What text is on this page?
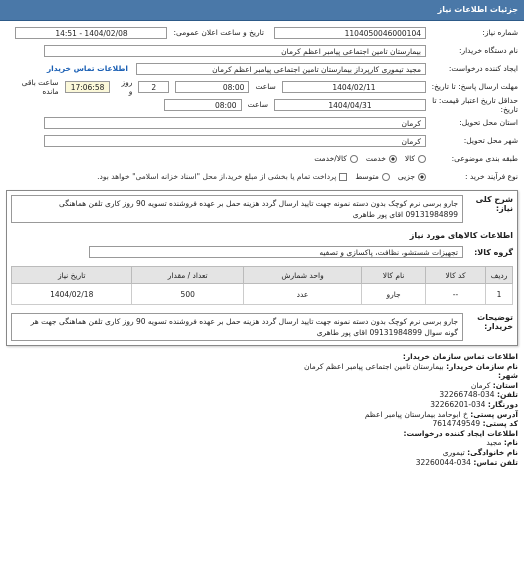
جزئیات اطلاعات نیاز
شماره نیاز:
1104050046000104
تاریخ و ساعت اعلان عمومی:
1404/02/08 - 14:51
نام دستگاه خریدار:
بیمارستان تامین اجتماعی پیامبر اعظم کرمان
ایجاد کننده درخواست:
مجید تیموری کارپرداز بیمارستان تامین اجتماعی پیامبر اعظم کرمان
اطلاعات تماس خریدار
مهلت ارسال پاسخ: تا تاریخ:
1404/02/11
ساعت
08:00
2
روز و
17:06:58
ساعت باقی مانده
حداقل تاریخ اعتبار قیمت: تا تاریخ:
1404/04/31
ساعت
08:00
استان محل تحویل:
کرمان
شهر محل تحویل:
کرمان
طبقه بندی موضوعی:
کالا
خدمت
کالا/خدمت
نوع فرآیند خرید :
جزیی
متوسط
پرداخت تمام یا بخشی از مبلغ خرید،از محل "اسناد خزانه اسلامی" خواهد بود.
شرح کلی نیاز:
جارو برسی نرم کوچک بدون دسته نمونه جهت تایید ارسال گردد هزینه حمل بر عهده فروشنده تسویه 90 روز کاری تلفن هماهنگی 09131984899 اقای پور طاهری
اطلاعات کالاهای مورد نیاز
گروه کالا:
تجهیزات شستشو، نظافت، پاکسازی و تصفیه
ردیف	کد کالا	نام کالا	واحد شمارش	تعداد / مقدار	تاریخ نیاز
1	--	جارو	عدد	500	1404/02/18
توضیحات خریدار:
جارو برسی نرم کوچک بدون دسته نمونه جهت تایید ارسال گردد هزینه حمل بر عهده فروشنده تسویه 90 روز کاری تلفن هماهنگی جهت هر گونه سوال 09131984899 اقای پور طاهری
اطلاعات تماس سازمان خریدار:
نام سازمان خریدار: بیمارستان تامین اجتماعی پیامبر اعظم کرمان
شهر:
استان: کرمان
تلفن: 034-32266748
دورنگار: 034-32266201
آدرس پستی: خ ابوحامد بیمارستان پیامبر اعظم
کد پستی: 7614749549
اطلاعات ایجاد کننده درخواست:
نام: مجید
نام خانوادگی: تیموری
تلفن تماس: 034-32260044
